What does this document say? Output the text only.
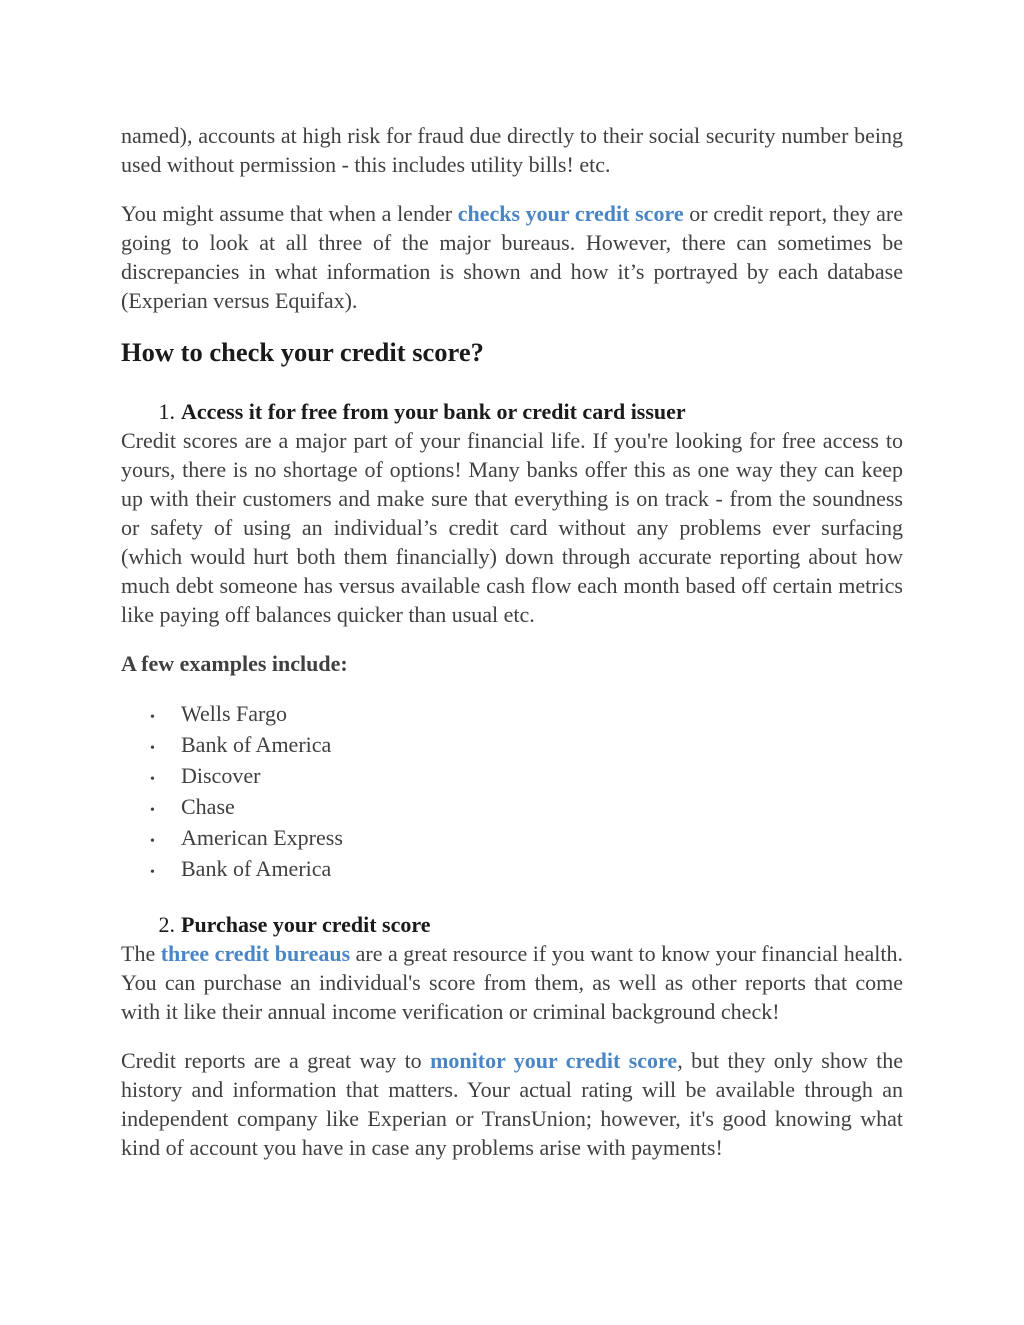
named), accounts at high risk for fraud due directly to their social security number being used without permission - this includes utility bills! etc.

You might assume that when a lender checks your credit score or credit report, they are going to look at all three of the major bureaus. However, there can sometimes be discrepancies in what information is shown and how it’s portrayed by each database (Experian versus Equifax).

How to check your credit score?
1. Access it for free from your bank or credit card issuer

Credit scores are a major part of your financial life. If you're looking for free access to yours, there is no shortage of options! Many banks offer this as one way they can keep up with their customers and make sure that everything is on track - from the soundness or safety of using an individual’s credit card without any problems ever surfacing (which would hurt both them financially) down through accurate reporting about how much debt someone has versus available cash flow each month based off certain metrics like paying off balances quicker than usual etc.

A few examples include:

•	Wells Fargo
•	Bank of America
•	Discover
•	Chase
•	American Express
•	Bank of America
2. Purchase your credit score

The three credit bureaus are a great resource if you want to know your financial health. You can purchase an individual's score from them, as well as other reports that come with it like their annual income verification or criminal background check!

Credit reports are a great way to monitor your credit score, but they only show the history and information that matters. Your actual rating will be available through an independent company like Experian or TransUnion; however, it's good knowing what kind of account you have in case any problems arise with payments!
